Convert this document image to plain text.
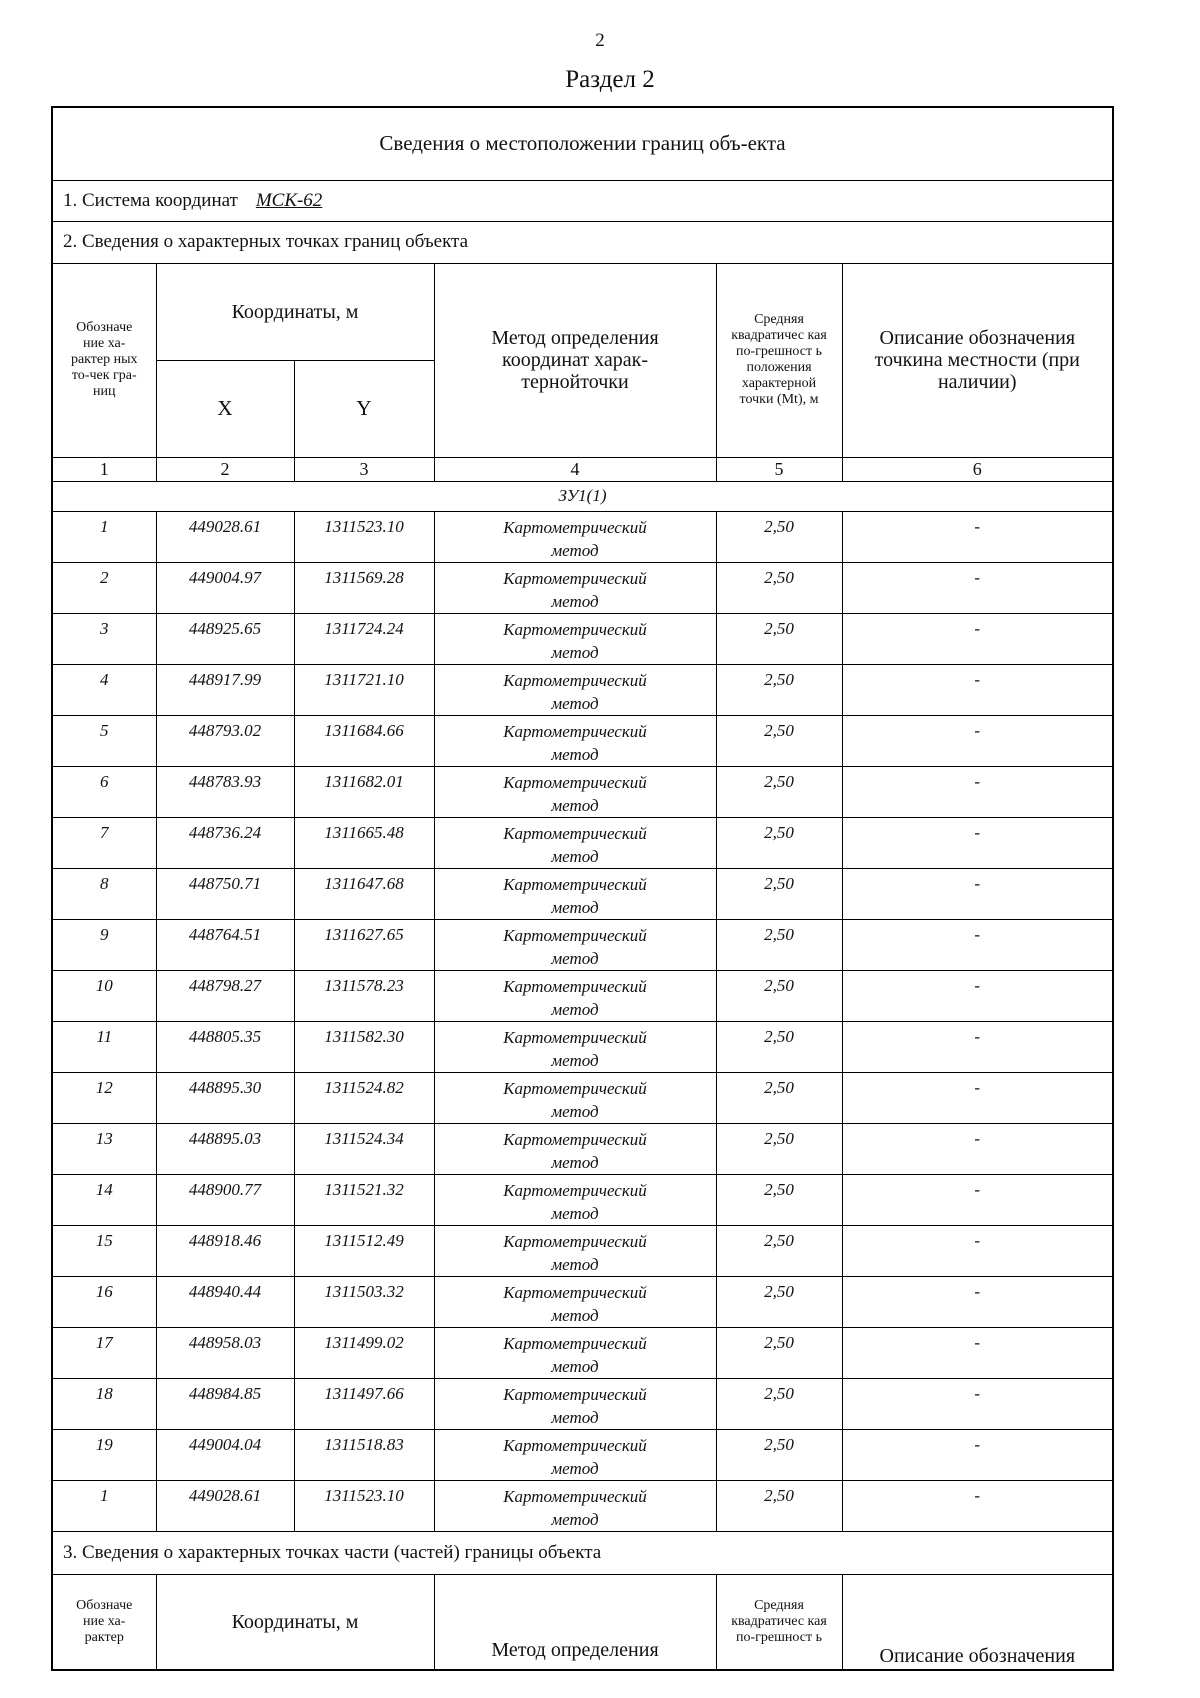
2
Раздел 2
Сведения о местоположении границ объ-екта					
1. Система координат МСК-62					
2. Сведения о характерных точках границ объекта					
Обозначе ние ха-рактер ных то-чек гра-ниц	Координаты, м		Метод определения координат харак-тернойточки	Средняя квадратичес кая по-грешност ь положения характерной точки (Mt), м	Описание обозначения точкина местности (при наличии)
	X	Y			
1	2	3	4	5	6
ЗУ1(1)					
1	449028.61	1311523.10	Картометрический метод	2,50	-
2	449004.97	1311569.28	Картометрический метод	2,50	-
3	448925.65	1311724.24	Картометрический метод	2,50	-
4	448917.99	1311721.10	Картометрический метод	2,50	-
5	448793.02	1311684.66	Картометрический метод	2,50	-
6	448783.93	1311682.01	Картометрический метод	2,50	-
7	448736.24	1311665.48	Картометрический метод	2,50	-
8	448750.71	1311647.68	Картометрический метод	2,50	-
9	448764.51	1311627.65	Картометрический метод	2,50	-
10	448798.27	1311578.23	Картометрический метод	2,50	-
11	448805.35	1311582.30	Картометрический метод	2,50	-
12	448895.30	1311524.82	Картометрический метод	2,50	-
13	448895.03	1311524.34	Картометрический метод	2,50	-
14	448900.77	1311521.32	Картометрический метод	2,50	-
15	448918.46	1311512.49	Картометрический метод	2,50	-
16	448940.44	1311503.32	Картометрический метод	2,50	-
17	448958.03	1311499.02	Картометрический метод	2,50	-
18	448984.85	1311497.66	Картометрический метод	2,50	-
19	449004.04	1311518.83	Картометрический метод	2,50	-
1	449028.61	1311523.10	Картометрический метод	2,50	-
3. Сведения о характерных точках части (частей) границы объекта					
Обозначе ние ха-рактер	Координаты, м		Метод определения	Средняя квадратичес кая по-грешност ь	Описание обозначения
